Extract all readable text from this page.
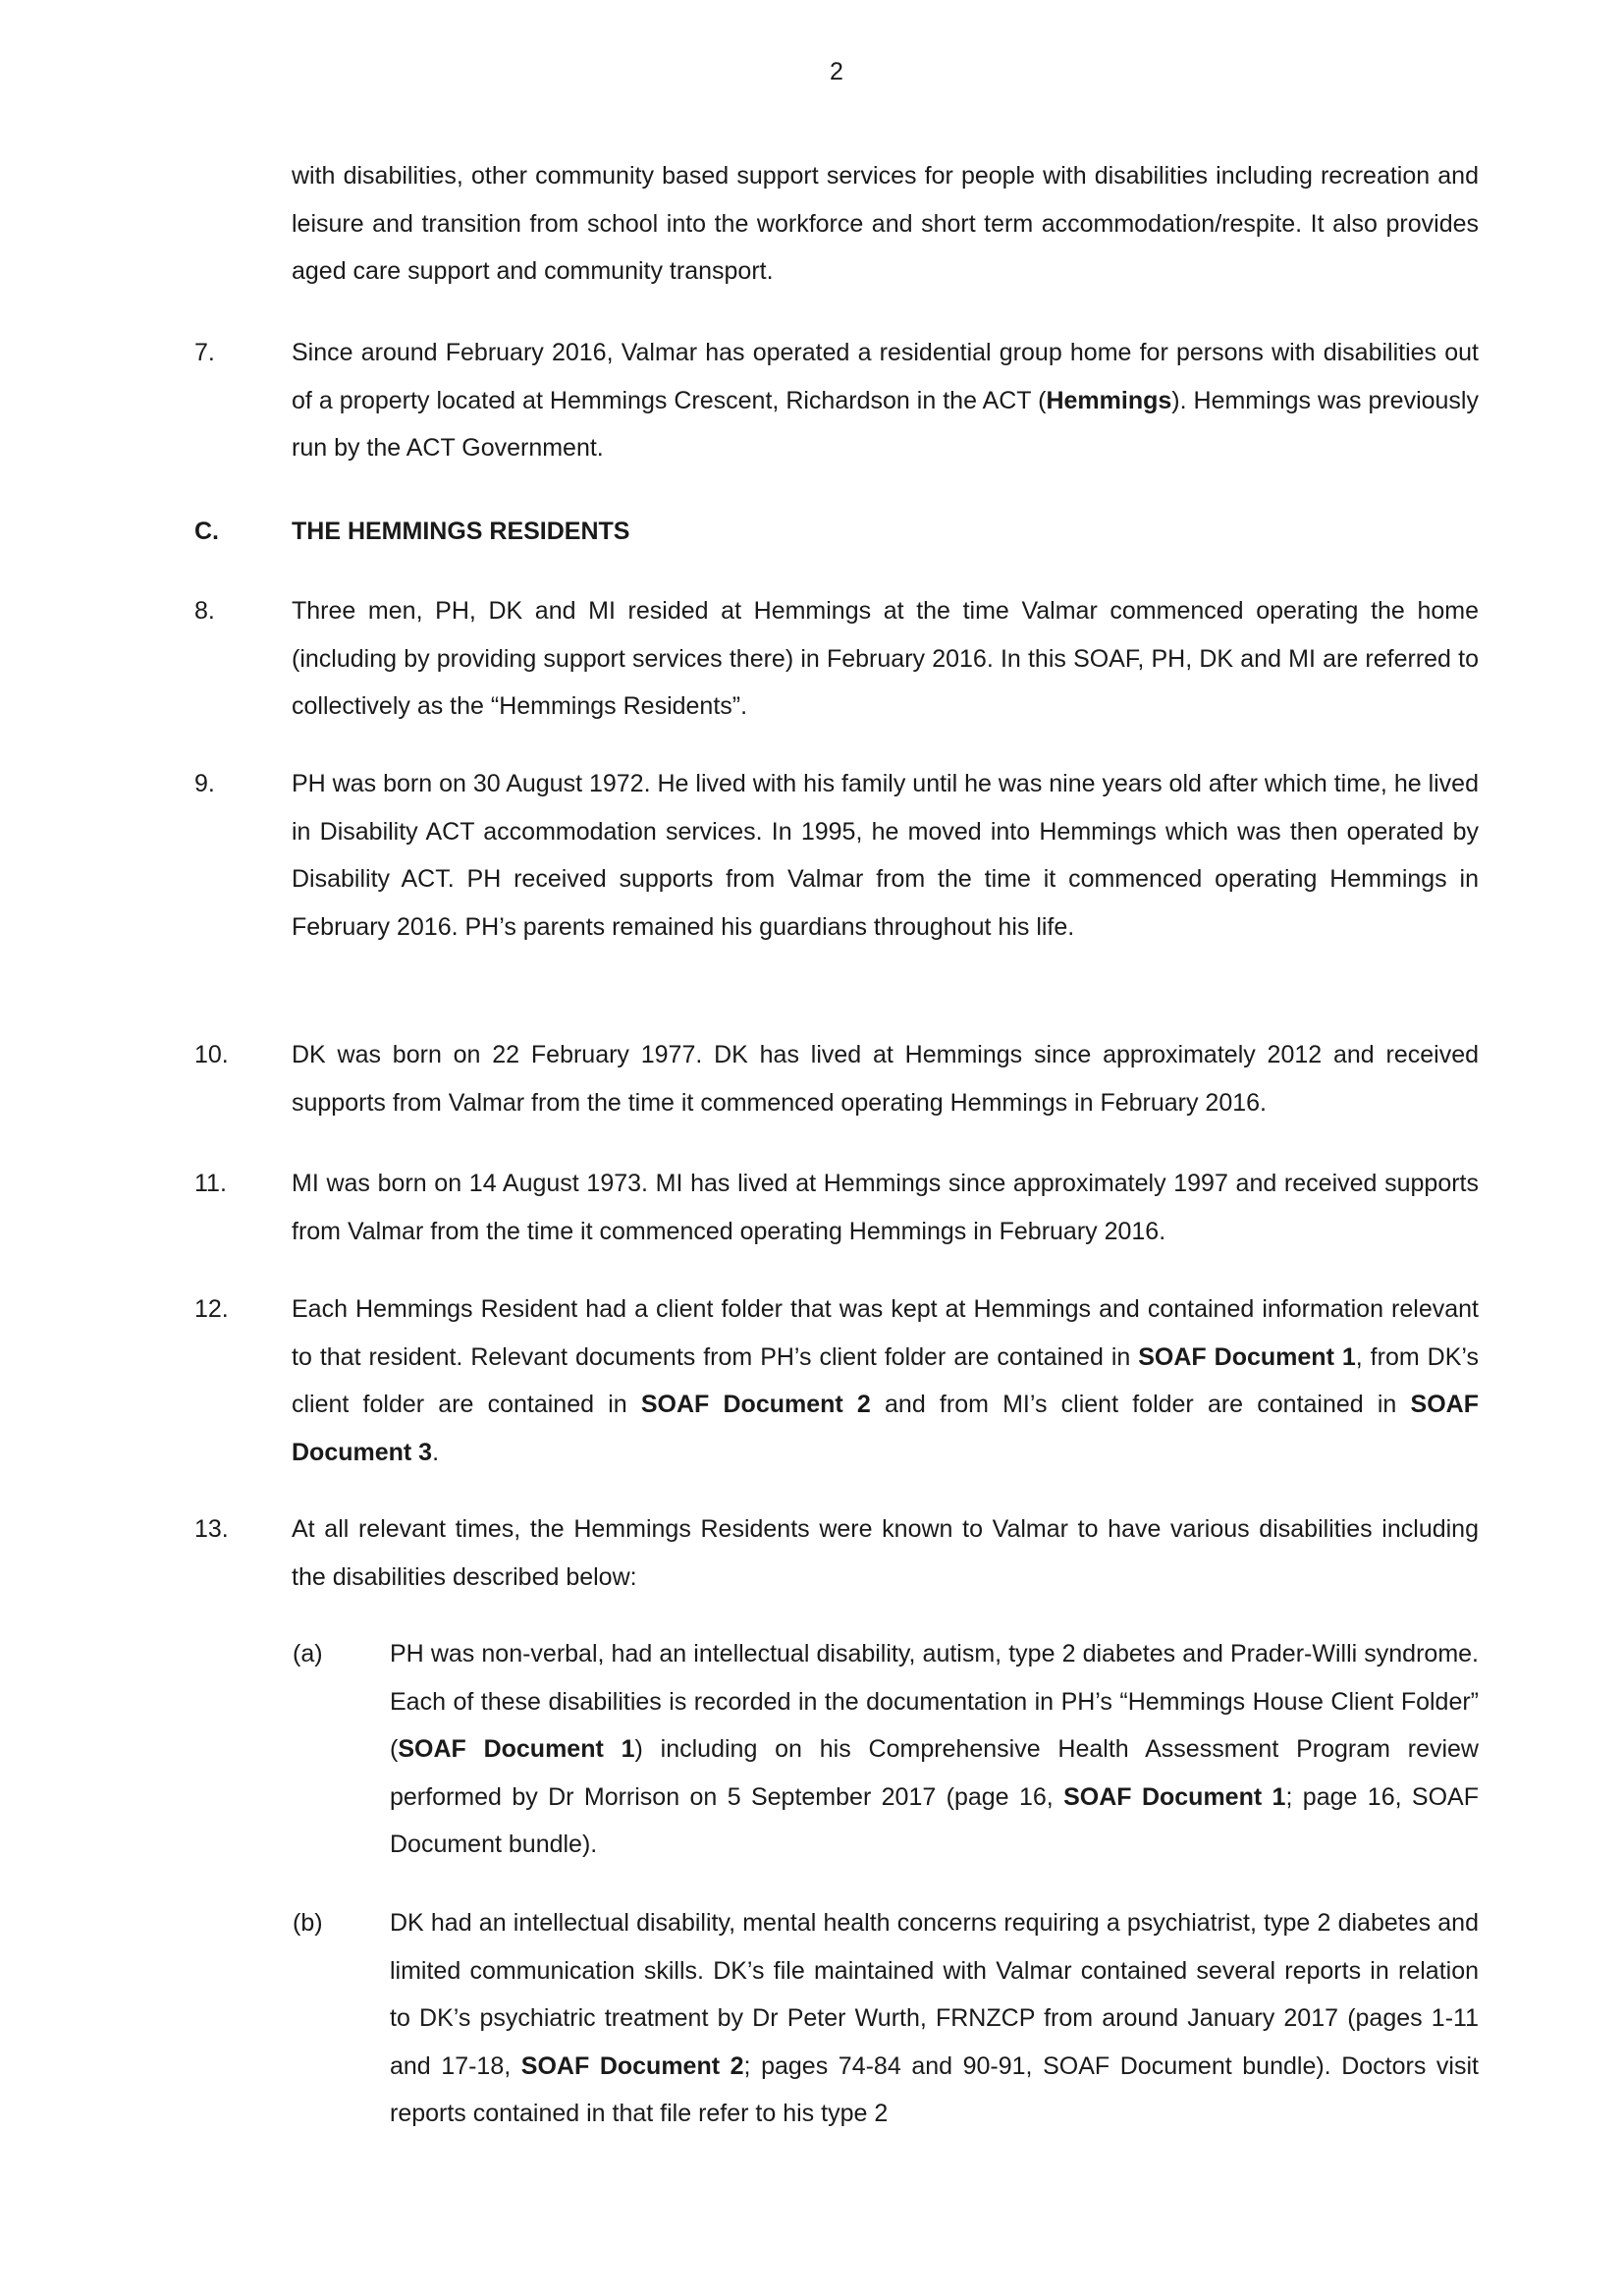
2

with disabilities, other community based support services for people with disabilities including recreation and leisure and transition from school into the workforce and short term accommodation/respite. It also provides aged care support and community transport.

7.	Since around February 2016, Valmar has operated a residential group home for persons with disabilities out of a property located at Hemmings Crescent, Richardson in the ACT (Hemmings). Hemmings was previously run by the ACT Government.
C.	THE HEMMINGS RESIDENTS
8.	Three men, PH, DK and MI resided at Hemmings at the time Valmar commenced operating the home (including by providing support services there) in February 2016. In this SOAF, PH, DK and MI are referred to collectively as the “Hemmings Residents”.
9.	PH was born on 30 August 1972. He lived with his family until he was nine years old after which time, he lived in Disability ACT accommodation services. In 1995, he moved into Hemmings which was then operated by Disability ACT. PH received supports from Valmar from the time it commenced operating Hemmings in February 2016. PH’s parents remained his guardians throughout his life.
10.	DK was born on 22 February 1977. DK has lived at Hemmings since approximately 2012 and received supports from Valmar from the time it commenced operating Hemmings in February 2016.
11.	MI was born on 14 August 1973. MI has lived at Hemmings since approximately 1997 and received supports from Valmar from the time it commenced operating Hemmings in February 2016.
12.	Each Hemmings Resident had a client folder that was kept at Hemmings and contained information relevant to that resident. Relevant documents from PH’s client folder are contained in SOAF Document 1, from DK’s client folder are contained in SOAF Document 2 and from MI’s client folder are contained in SOAF Document 3.
13.	At all relevant times, the Hemmings Residents were known to Valmar to have various disabilities including the disabilities described below:
(a)	PH was non-verbal, had an intellectual disability, autism, type 2 diabetes and Prader-Willi syndrome. Each of these disabilities is recorded in the documentation in PH’s “Hemmings House Client Folder” (SOAF Document 1) including on his Comprehensive Health Assessment Program review performed by Dr Morrison on 5 September 2017 (page 16, SOAF Document 1; page 16, SOAF Document bundle).
(b)	DK had an intellectual disability, mental health concerns requiring a psychiatrist, type 2 diabetes and limited communication skills. DK’s file maintained with Valmar contained several reports in relation to DK’s psychiatric treatment by Dr Peter Wurth, FRNZCP from around January 2017 (pages 1-11 and 17-18, SOAF Document 2; pages 74-84 and 90-91, SOAF Document bundle). Doctors visit reports contained in that file refer to his type 2
